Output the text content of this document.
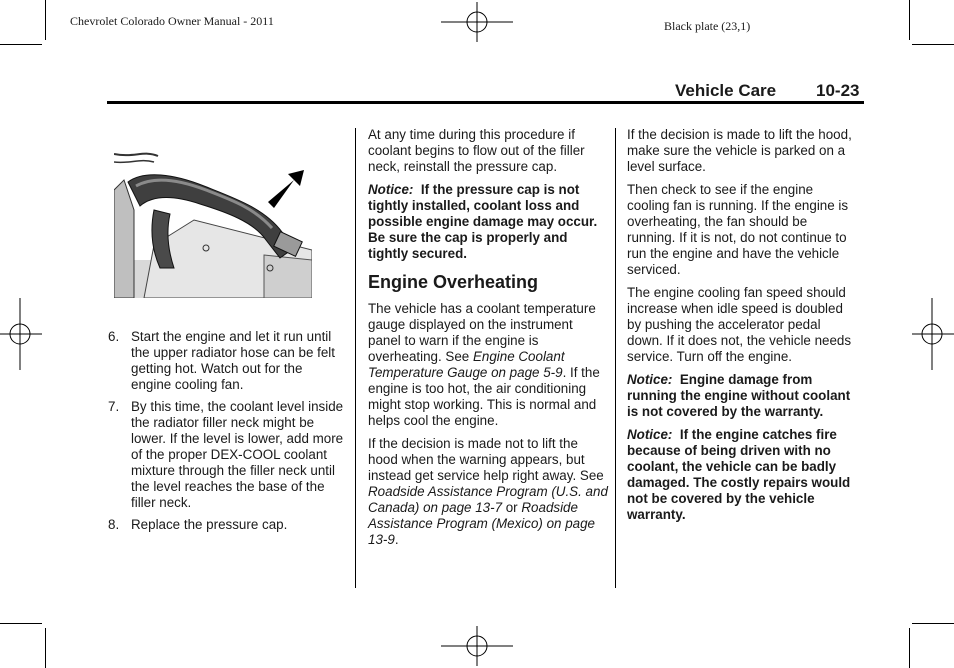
Chevrolet Colorado Owner Manual - 2011	Black plate (23,1)
Vehicle Care 10-23
6. Start the engine and let it run until the upper radiator hose can be felt getting hot. Watch out for the engine cooling fan.
7. By this time, the coolant level inside the radiator filler neck might be lower. If the level is lower, add more of the proper DEX-COOL coolant mixture through the filler neck until the level reaches the base of the filler neck.
8. Replace the pressure cap.

At any time during this procedure if coolant begins to flow out of the filler neck, reinstall the pressure cap.

Notice: If the pressure cap is not tightly installed, coolant loss and possible engine damage may occur. Be sure the cap is properly and tightly secured.

Engine Overheating

The vehicle has a coolant temperature gauge displayed on the instrument panel to warn if the engine is overheating. See Engine Coolant Temperature Gauge on page 5-9. If the engine is too hot, the air conditioning might stop working. This is normal and helps cool the engine.

If the decision is made not to lift the hood when the warning appears, but instead get service help right away. See Roadside Assistance Program (U.S. and Canada) on page 13-7 or Roadside Assistance Program (Mexico) on page 13-9.

If the decision is made to lift the hood, make sure the vehicle is parked on a level surface.

Then check to see if the engine cooling fan is running. If the engine is overheating, the fan should be running. If it is not, do not continue to run the engine and have the vehicle serviced.

The engine cooling fan speed should increase when idle speed is doubled by pushing the accelerator pedal down. If it does not, the vehicle needs service. Turn off the engine.

Notice: Engine damage from running the engine without coolant is not covered by the warranty.

Notice: If the engine catches fire because of being driven with no coolant, the vehicle can be badly damaged. The costly repairs would not be covered by the vehicle warranty.
